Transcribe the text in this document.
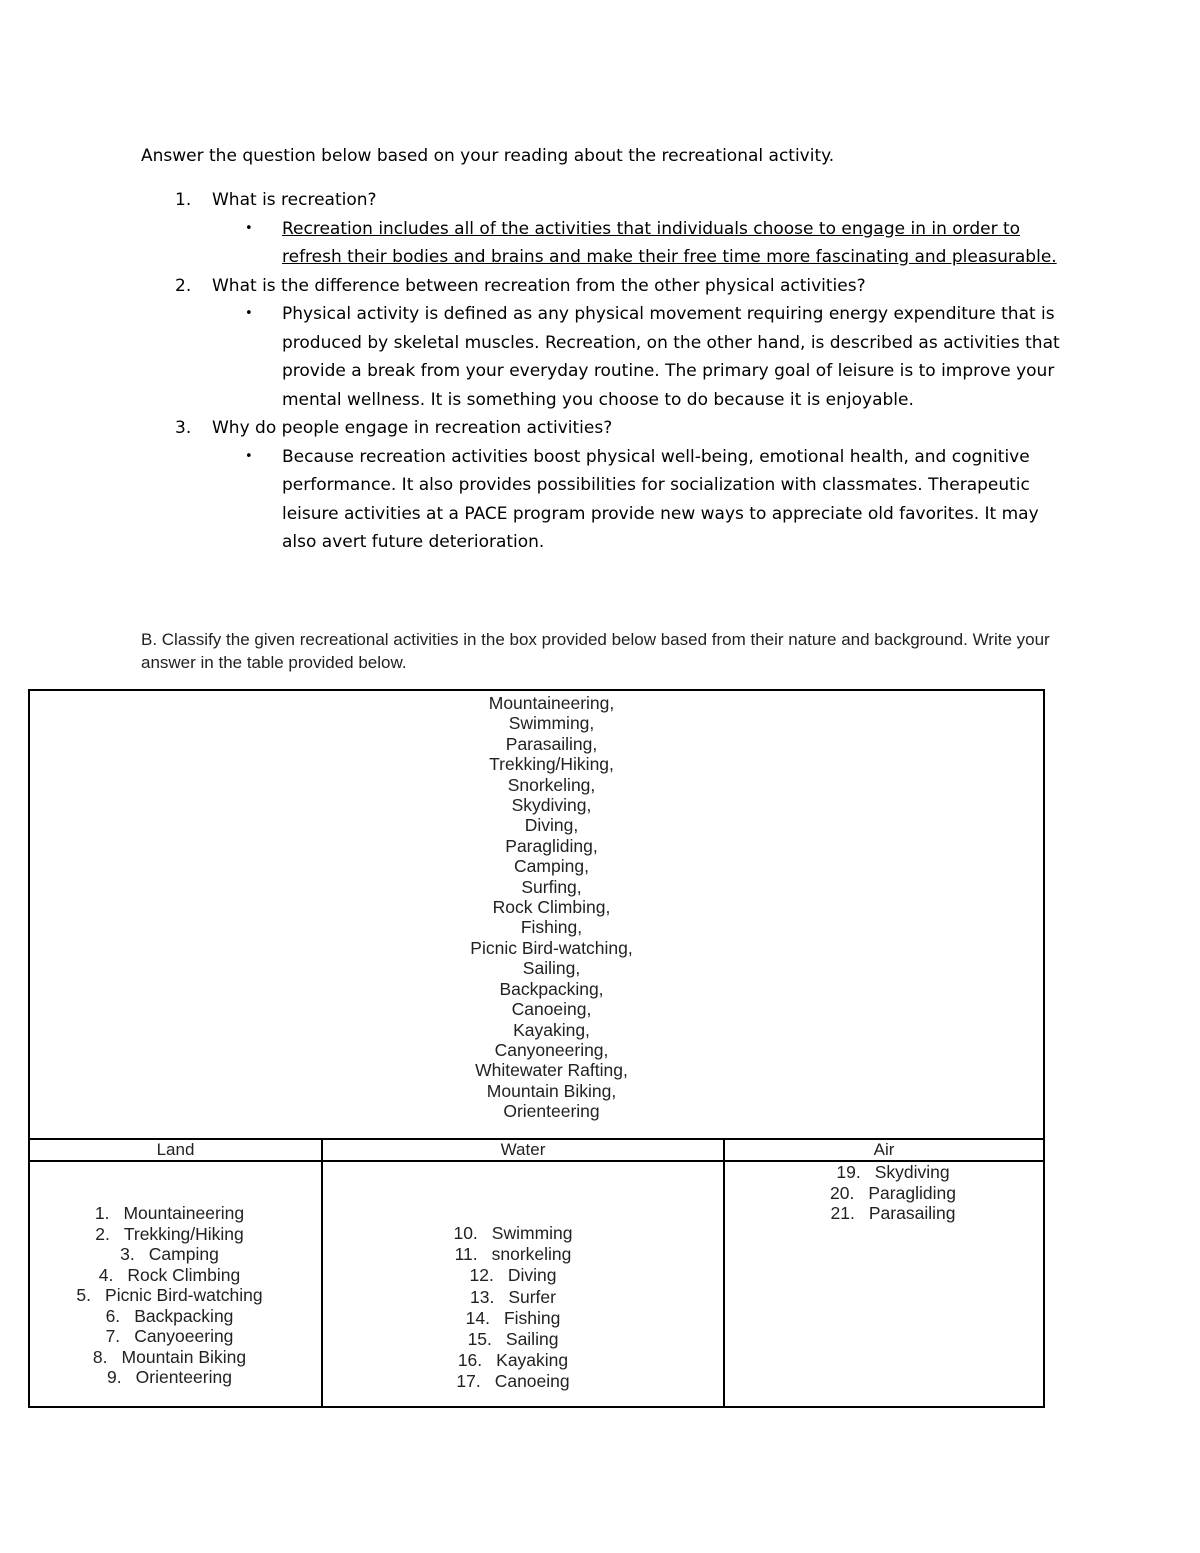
Answer the question below based on your reading about the recreational activity.
1. What is recreation?
• Recreation includes all of the activities that individuals choose to engage in in order to refresh their bodies and brains and make their free time more fascinating and pleasurable.
2. What is the difference between recreation from the other physical activities?
• Physical activity is defined as any physical movement requiring energy expenditure that is produced by skeletal muscles. Recreation, on the other hand, is described as activities that provide a break from your everyday routine. The primary goal of leisure is to improve your mental wellness. It is something you choose to do because it is enjoyable.
3. Why do people engage in recreation activities?
• Because recreation activities boost physical well-being, emotional health, and cognitive performance. It also provides possibilities for socialization with classmates. Therapeutic leisure activities at a PACE program provide new ways to appreciate old favorites. It may also avert future deterioration.
B. Classify the given recreational activities in the box provided below based from their nature and background. Write your answer in the table provided below.
Mountaineering,
Swimming,
Parasailing,
Trekking/Hiking,
Snorkeling,
Skydiving,
Diving,
Paragliding,
Camping,
Surfing,
Rock Climbing,
Fishing,
Picnic Bird-watching,
Sailing,
Backpacking,
Canoeing,
Kayaking,
Canyoneering,
Whitewater Rafting,
Mountain Biking,
Orienteering
Land	Water	Air
1. Mountaineering
2. Trekking/Hiking
3. Camping
4. Rock Climbing
5. Picnic Bird-watching
6. Backpacking
7. Canyoeering
8. Mountain Biking
9. Orienteering
10. Swimming
11. snorkeling
12. Diving
13. Surfer
14. Fishing
15. Sailing
16. Kayaking
17. Canoeing
19. Skydiving
20. Paragliding
21. Parasailing
